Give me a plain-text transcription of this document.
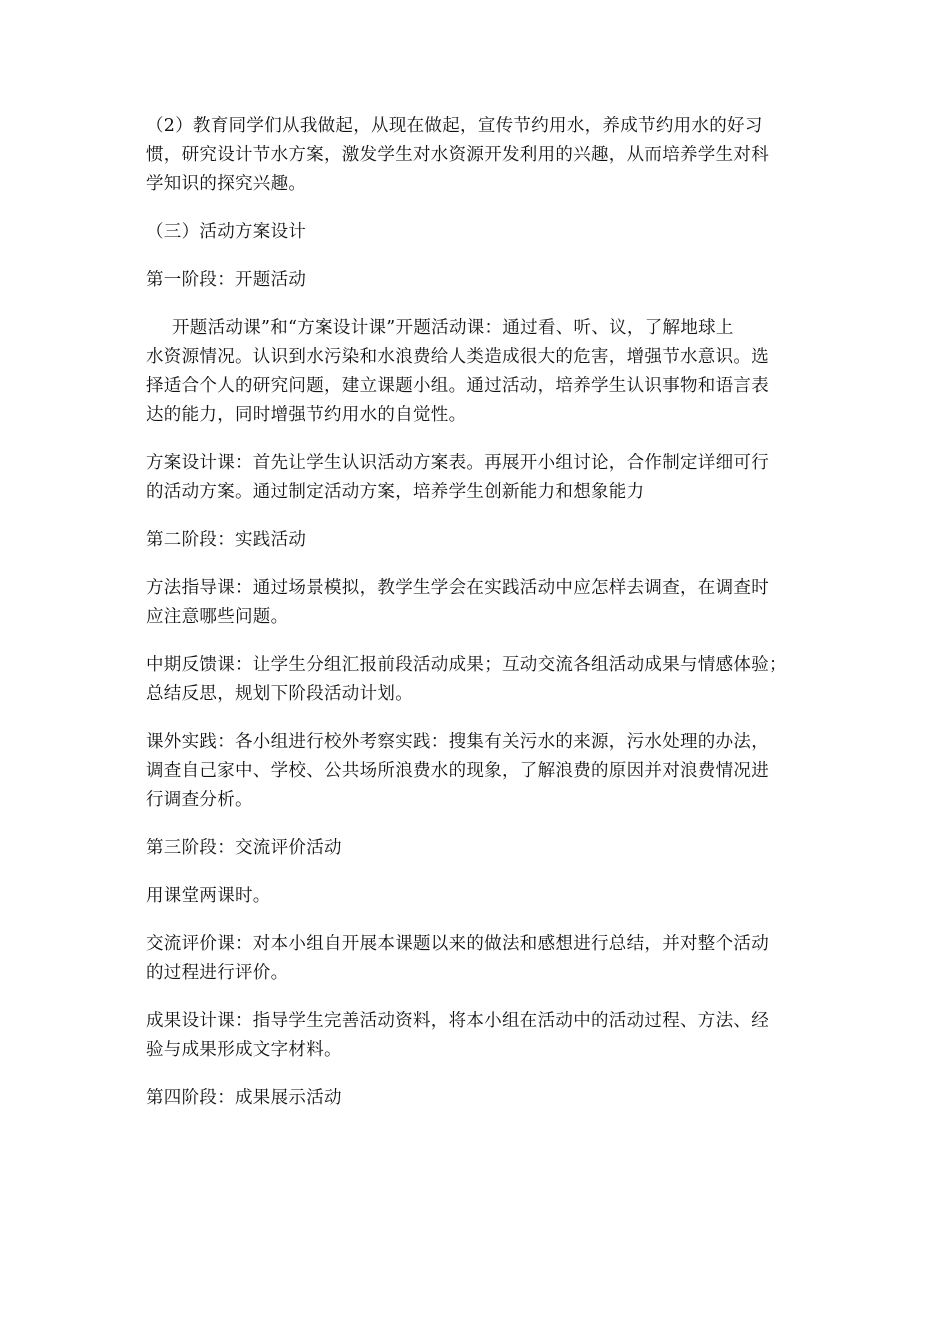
（2）教育同学们从我做起，从现在做起，宣传节约用水，养成节约用水的好习
惯，研究设计节水方案，激发学生对水资源开发利用的兴趣，从而培养学生对科
学知识的探究兴趣。

（三）活动方案设计

第一阶段：开题活动

开题活动课”和“方案设计课”开题活动课：通过看、听、议，了解地球上
水资源情况。认识到水污染和水浪费给人类造成很大的危害，增强节水意识。选
择适合个人的研究问题，建立课题小组。通过活动，培养学生认识事物和语言表
达的能力，同时增强节约用水的自觉性。

方案设计课：首先让学生认识活动方案表。再展开小组讨论，合作制定详细可行
的活动方案。通过制定活动方案，培养学生创新能力和想象能力

第二阶段：实践活动

方法指导课：通过场景模拟，教学生学会在实践活动中应怎样去调查，在调查时
应注意哪些问题。

中期反馈课：让学生分组汇报前段活动成果；互动交流各组活动成果与情感体验；
总结反思，规划下阶段活动计划。

课外实践：各小组进行校外考察实践：搜集有关污水的来源，污水处理的办法，
调查自己家中、学校、公共场所浪费水的现象，了解浪费的原因并对浪费情况进
行调查分析。

第三阶段：交流评价活动

用课堂两课时。

交流评价课：对本小组自开展本课题以来的做法和感想进行总结，并对整个活动
的过程进行评价。

成果设计课：指导学生完善活动资料，将本小组在活动中的活动过程、方法、经
验与成果形成文字材料。

第四阶段：成果展示活动
